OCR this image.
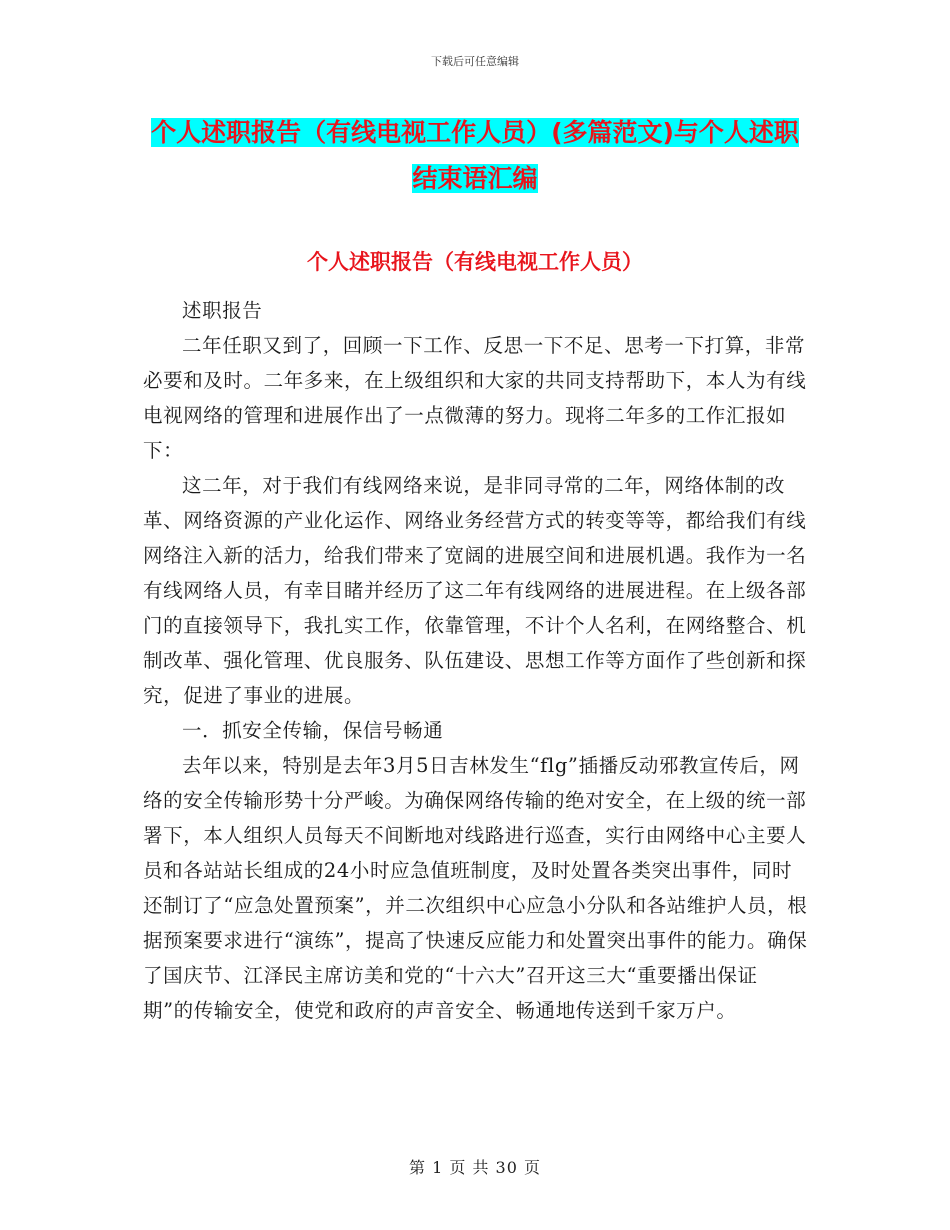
下载后可任意编辑
个人述职报告（有线电视工作人员）(多篇范文)与个人述职结束语汇编
个人述职报告（有线电视工作人员）

述职报告

二年任职又到了，回顾一下工作、反思一下不足、思考一下打算，非常必要和及时。二年多来，在上级组织和大家的共同支持帮助下，本人为有线电视网络的管理和进展作出了一点微薄的努力。现将二年多的工作汇报如下：

这二年，对于我们有线网络来说，是非同寻常的二年，网络体制的改革、网络资源的产业化运作、网络业务经营方式的转变等等，都给我们有线网络注入新的活力，给我们带来了宽阔的进展空间和进展机遇。我作为一名有线网络人员，有幸目睹并经历了这二年有线网络的进展进程。在上级各部门的直接领导下，我扎实工作，依靠管理，不计个人名利，在网络整合、机制改革、强化管理、优良服务、队伍建设、思想工作等方面作了些创新和探究，促进了事业的进展。

一．抓安全传输，保信号畅通

去年以来，特别是去年3月5日吉林发生“flg”插播反动邪教宣传后，网络的安全传输形势十分严峻。为确保网络传输的绝对安全，在上级的统一部署下，本人组织人员每天不间断地对线路进行巡查，实行由网络中心主要人员和各站站长组成的24小时应急值班制度，及时处置各类突出事件，同时还制订了“应急处置预案”，并二次组织中心应急小分队和各站维护人员，根据预案要求进行“演练”，提高了快速反应能力和处置突出事件的能力。确保了国庆节、江泽民主席访美和党的“十六大”召开这三大“重要播出保证期”的传输安全，使党和政府的声音安全、畅通地传送到千家万户。

第 1 页 共 30 页
